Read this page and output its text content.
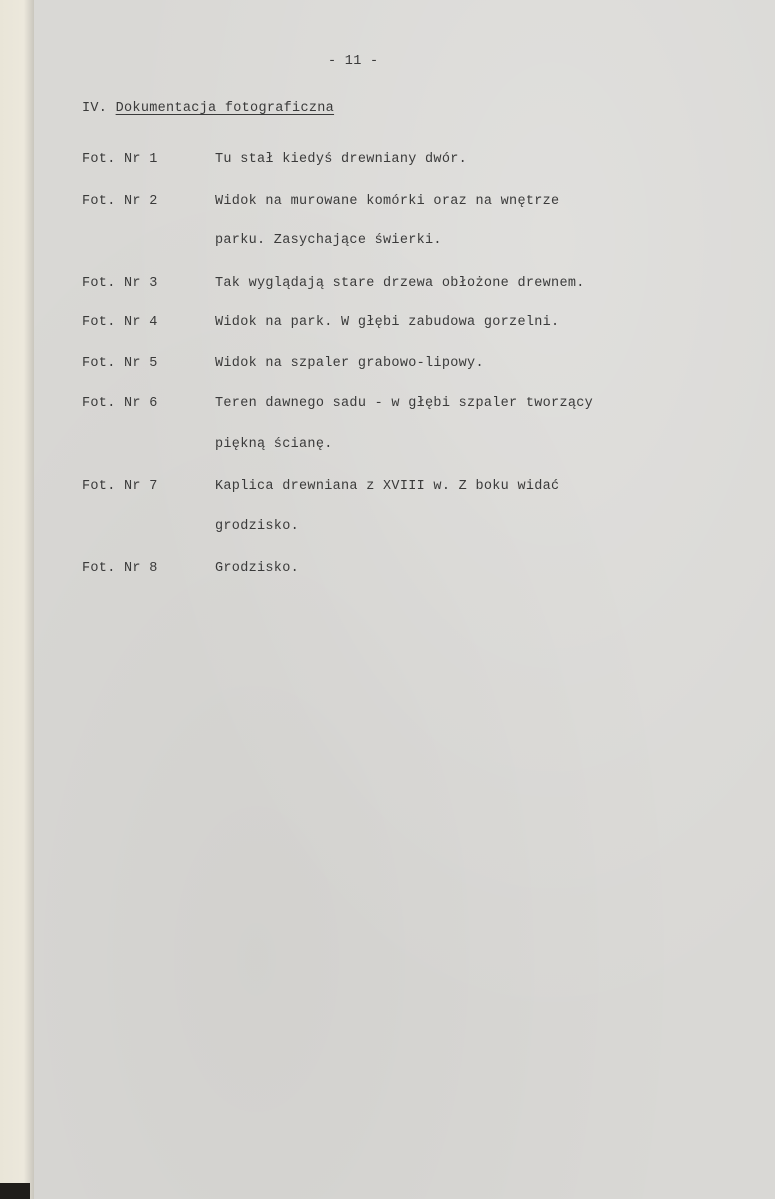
- 11 -
IV. Dokumentacja fotograficzna
Fot. Nr 1	Tu stał kiedyś drewniany dwór.
Fot. Nr 2	Widok na murowane komórki oraz na wnętrze
parku. Zasychające świerki.
Fot. Nr 3	Tak wyglądają stare drzewa obłożone drewnem.
Fot. Nr 4	Widok na park. W głębi zabudowa gorzelni.
Fot. Nr 5	Widok na szpaler grabowo-lipowy.
Fot. Nr 6	Teren dawnego sadu - w głębi szpaler tworzący
piękną ścianę.
Fot. Nr 7	Kaplica drewniana z XVIII w. Z boku widać
grodzisko.
Fot. Nr 8	Grodzisko.
